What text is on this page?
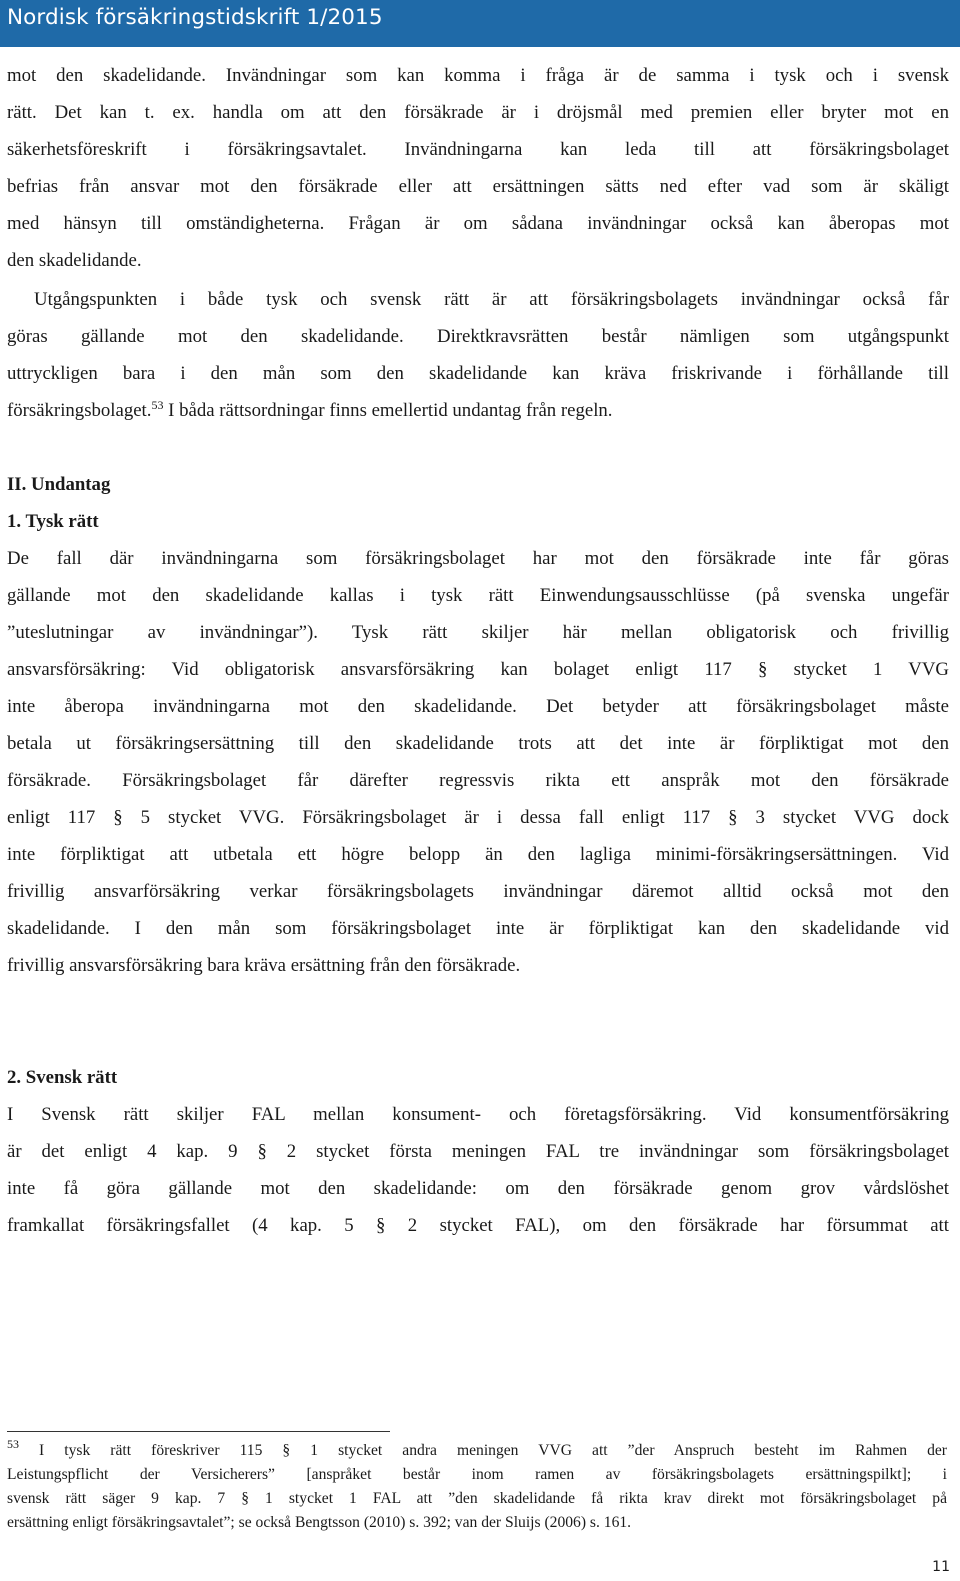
Nordisk försäkringstidskrift 1/2015
mot den skadelidande. Invändningar som kan komma i fråga är de samma i tysk och i svensk
rätt. Det kan t. ex. handla om att den försäkrade är i dröjsmål med premien eller bryter mot en
säkerhetsföreskrift i försäkringsavtalet. Invändningarna kan leda till att försäkringsbolaget
befrias från ansvar mot den försäkrade eller att ersättningen sätts ned efter vad som är skäligt
med hänsyn till omständigheterna. Frågan är om sådana invändningar också kan åberopas mot
den skadelidande.
Utgångspunkten i både tysk och svensk rätt är att försäkringsbolagets invändningar också får
göras gällande mot den skadelidande. Direktkravsrätten består nämligen som utgångspunkt
uttryckligen bara i den mån som den skadelidande kan kräva friskrivande i förhållande till
försäkringsbolaget.$^{53}$ I båda rättsordningar finns emellertid undantag från regeln.
II. Undantag
1. Tysk rätt
De fall där invändningarna som försäkringsbolaget har mot den försäkrade inte får göras
gällande mot den skadelidande kallas i tysk rätt Einwendungsausschlüsse (på svenska ungefär
”uteslutningar av invändningar”). Tysk rätt skiljer här mellan obligatorisk och frivillig
ansvarsförsäkring: Vid obligatorisk ansvarsförsäkring kan bolaget enligt 117 § stycket 1 VVG
inte åberopa invändningarna mot den skadelidande. Det betyder att försäkringsbolaget måste
betala ut försäkringsersättning till den skadelidande trots att det inte är förpliktigat mot den
försäkrade. Försäkringsbolaget får därefter regressvis rikta ett anspråk mot den försäkrade
enligt 117 § 5 stycket VVG. Försäkringsbolaget är i dessa fall enligt 117 § 3 stycket VVG dock
inte förpliktigat att utbetala ett högre belopp än den lagliga minimi-försäkringsersättningen. Vid
frivillig ansvarförsäkring verkar försäkringsbolagets invändningar däremot alltid också mot den
skadelidande. I den mån som försäkringsbolaget inte är förpliktigat kan den skadelidande vid
frivillig ansvarsförsäkring bara kräva ersättning från den försäkrade.
2. Svensk rätt
I Svensk rätt skiljer FAL mellan konsument- och företagsförsäkring. Vid konsumentförsäkring
är det enligt 4 kap. 9 § 2 stycket första meningen FAL tre invändningar som försäkringsbolaget
inte få göra gällande mot den skadelidande: om den försäkrade genom grov vårdslöshet
framkallat försäkringsfallet (4 kap. 5 § 2 stycket FAL), om den försäkrade har försummat att
$^{53}$ I tysk rätt föreskriver 115 § 1 stycket andra meningen VVG att ”der Anspruch besteht im Rahmen der
Leistungspflicht der Versicherers” [anspråket består inom ramen av försäkringsbolagets ersättningspilkt]; i
svensk rätt säger 9 kap. 7 § 1 stycket 1 FAL att ”den skadelidande få rikta krav direkt mot försäkringsbolaget på
ersättning enligt försäkringsavtalet”; se också Bengtsson (2010) s. 392; van der Sluijs (2006) s. 161.
11
